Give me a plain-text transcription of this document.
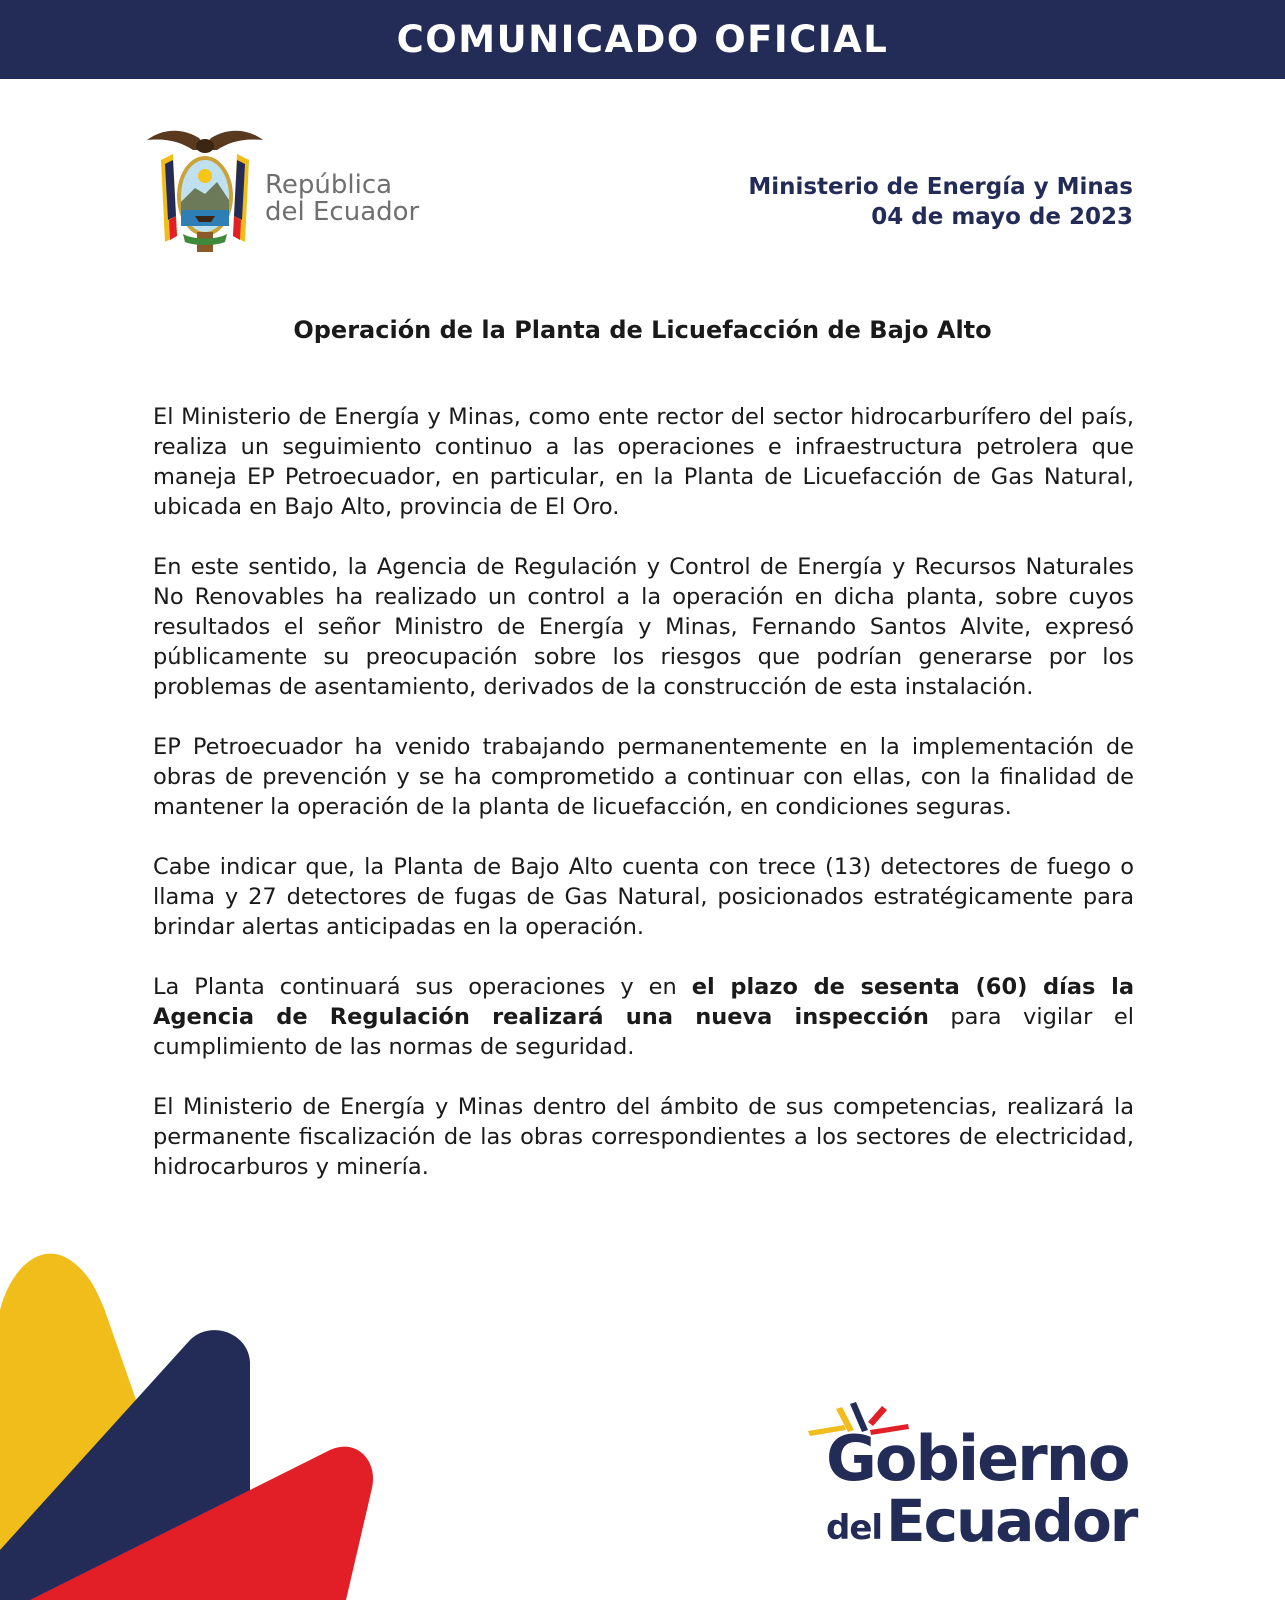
COMUNICADO OFICIAL
República
del Ecuador
Ministerio de Energía y Minas
04 de mayo de 2023
Operación de la Planta de Licuefacción de Bajo Alto

El Ministerio de Energía y Minas, como ente rector del sector hidrocarburífero del país, realiza un seguimiento continuo a las operaciones e infraestructura petrolera que maneja EP Petroecuador, en particular, en la Planta de Licuefacción de Gas Natural, ubicada en Bajo Alto, provincia de El Oro.

En este sentido, la Agencia de Regulación y Control de Energía y Recursos Naturales No Renovables ha realizado un control a la operación en dicha planta, sobre cuyos resultados el señor Ministro de Energía y Minas, Fernando Santos Alvite, expresó públicamente su preocupación sobre los riesgos que podrían generarse por los problemas de asentamiento, derivados de la construcción de esta instalación.

EP Petroecuador ha venido trabajando permanentemente en la implementación de obras de prevención y se ha comprometido a continuar con ellas, con la finalidad de mantener la operación de la planta de licuefacción, en condiciones seguras.

Cabe indicar que, la Planta de Bajo Alto cuenta con trece (13) detectores de fuego o llama y 27 detectores de fugas de Gas Natural, posicionados estratégicamente para brindar alertas anticipadas en la operación.

La Planta continuará sus operaciones y en el plazo de sesenta (60) días la Agencia de Regulación realizará una nueva inspección para vigilar el cumplimiento de las normas de seguridad.

El Ministerio de Energía y Minas dentro del ámbito de sus competencias, realizará la permanente fiscalización de las obras correspondientes a los sectores de electricidad, hidrocarburos y minería.

Gobierno
del Ecuador
